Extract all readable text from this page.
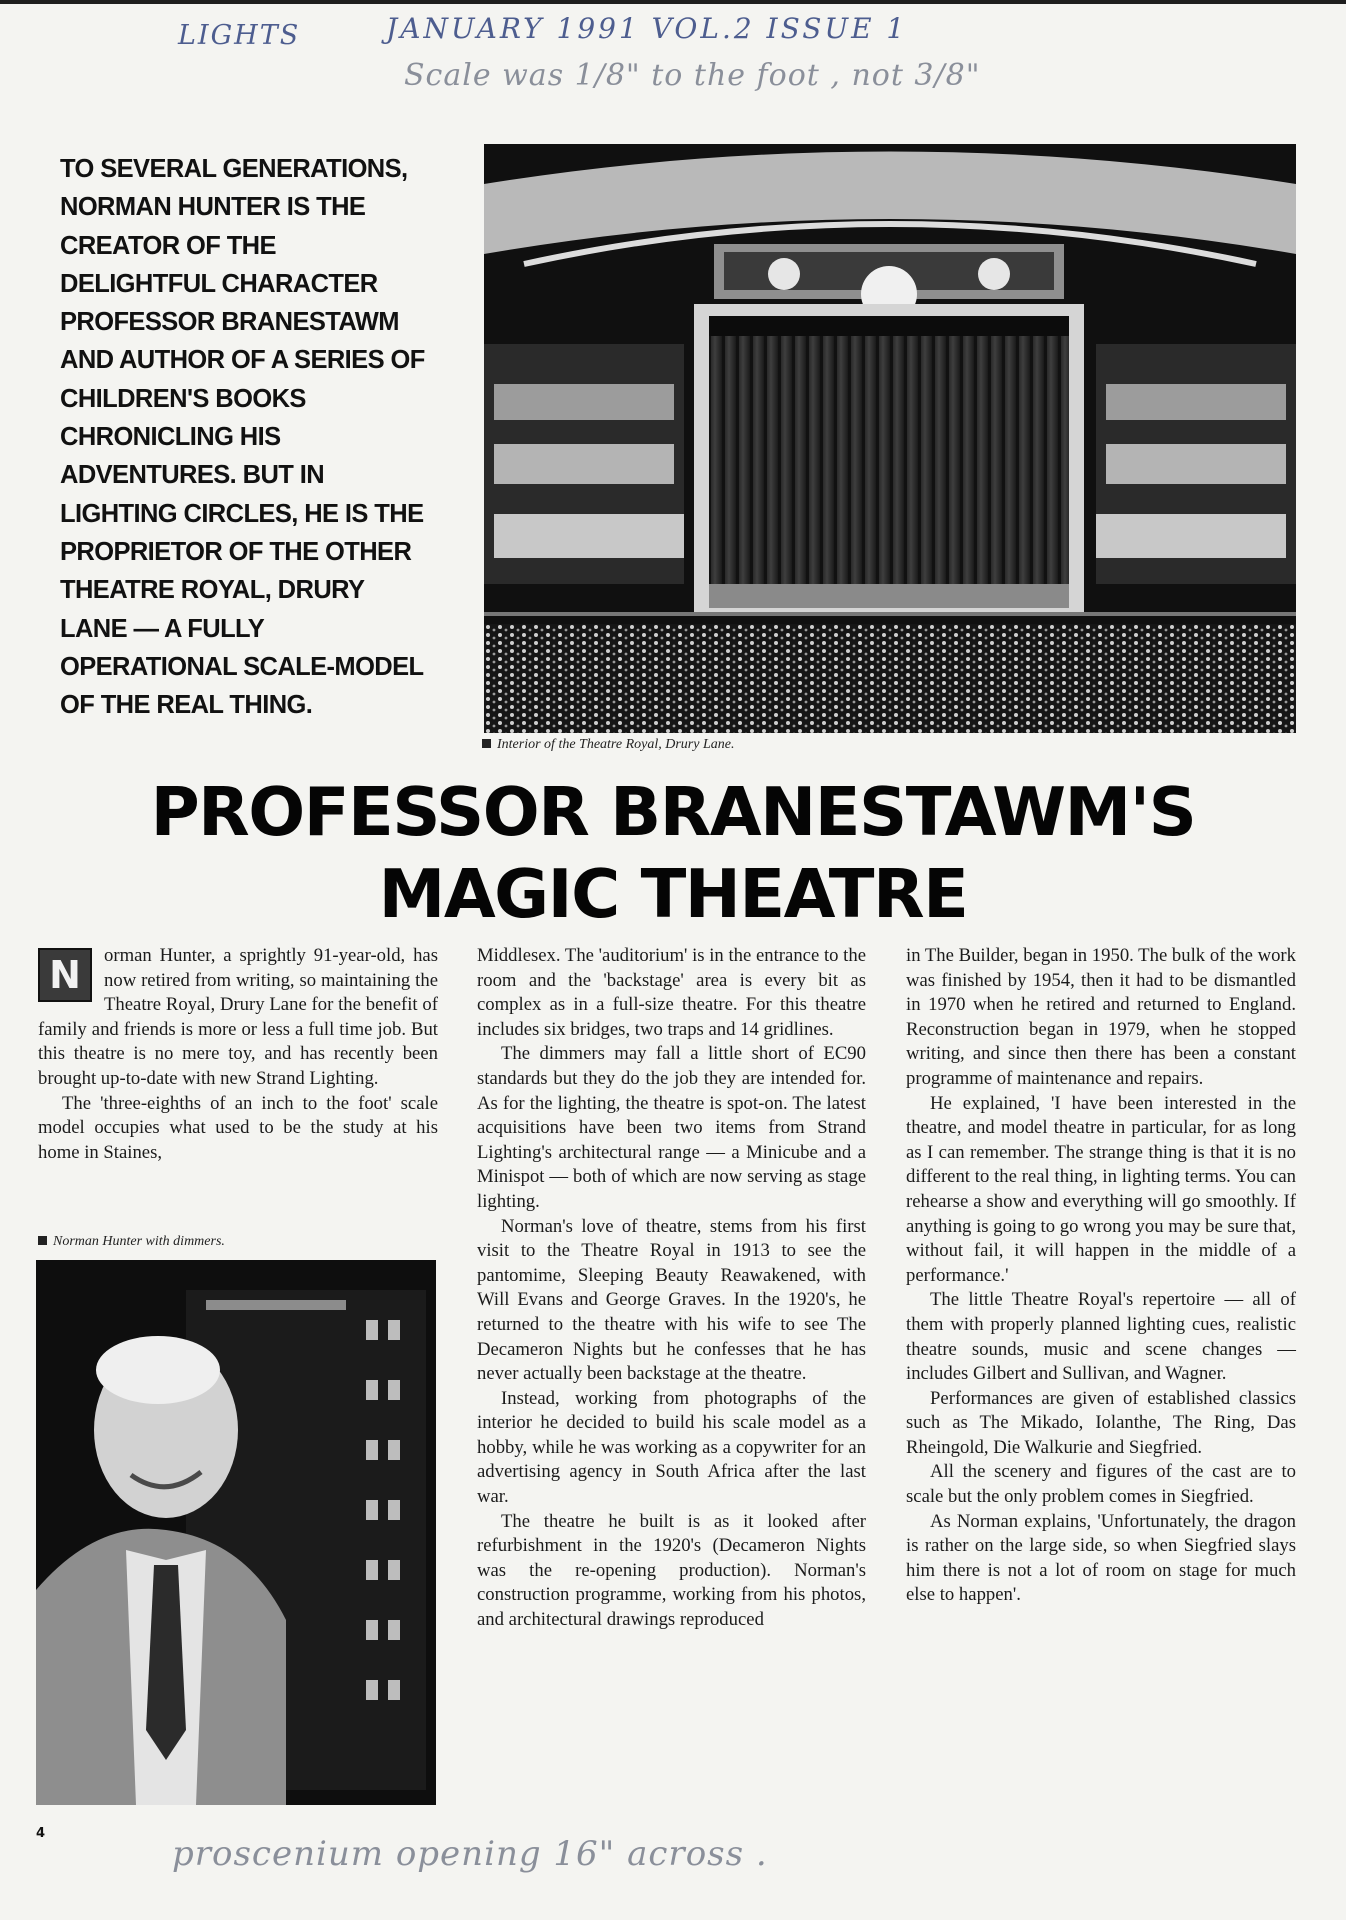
LIGHTS	JANUARY 1991 VOL.2 ISSUE 1
Scale was 1/8" to the foot , not 3/8"

TO SEVERAL GENERATIONS, NORMAN HUNTER IS THE CREATOR OF THE DELIGHTFUL CHARACTER PROFESSOR BRANESTAWM AND AUTHOR OF A SERIES OF CHILDREN'S BOOKS CHRONICLING HIS ADVENTURES. BUT IN LIGHTING CIRCLES, HE IS THE PROPRIETOR OF THE OTHER THEATRE ROYAL, DRURY LANE — A FULLY OPERATIONAL SCALE-MODEL OF THE REAL THING.

Interior of the Theatre Royal, Drury Lane.
PROFESSOR BRANESTAWM'S
MAGIC THEATRE
N	orman Hunter, a sprightly 91-year-old, has now retired from writing, so maintaining the Theatre Royal, Drury Lane for the benefit of family and friends is more or less a full time job. But this theatre is no mere toy, and has recently been brought up-to-date with new Strand Lighting.

The 'three-eighths of an inch to the foot' scale model occupies what used to be the study at his home in Staines,

Norman Hunter with dimmers.

Middlesex. The 'auditorium' is in the entrance to the room and the 'backstage' area is every bit as complex as in a full-size theatre. For this theatre includes six bridges, two traps and 14 gridlines.

The dimmers may fall a little short of EC90 standards but they do the job they are intended for. As for the lighting, the theatre is spot-on. The latest acquisitions have been two items from Strand Lighting's architectural range — a Minicube and a Minispot — both of which are now serving as stage lighting.

Norman's love of theatre, stems from his first visit to the Theatre Royal in 1913 to see the pantomime, Sleeping Beauty Reawakened, with Will Evans and George Graves. In the 1920's, he returned to the theatre with his wife to see The Decameron Nights but he confesses that he has never actually been backstage at the theatre.

Instead, working from photographs of the interior he decided to build his scale model as a hobby, while he was working as a copywriter for an advertising agency in South Africa after the last war.

The theatre he built is as it looked after refurbishment in the 1920's (Decameron Nights was the re-opening production). Norman's construction programme, working from his photos, and architectural drawings reproduced

in The Builder, began in 1950. The bulk of the work was finished by 1954, then it had to be dismantled in 1970 when he retired and returned to England. Reconstruction began in 1979, when he stopped writing, and since then there has been a constant programme of maintenance and repairs.

He explained, 'I have been interested in the theatre, and model theatre in particular, for as long as I can remember. The strange thing is that it is no different to the real thing, in lighting terms. You can rehearse a show and everything will go smoothly. If anything is going to go wrong you may be sure that, without fail, it will happen in the middle of a performance.'

The little Theatre Royal's repertoire — all of them with properly planned lighting cues, realistic theatre sounds, music and scene changes — includes Gilbert and Sullivan, and Wagner.

Performances are given of established classics such as The Mikado, Iolanthe, The Ring, Das Rheingold, Die Walkurie and Siegfried.

All the scenery and figures of the cast are to scale but the only problem comes in Siegfried.

As Norman explains, 'Unfortunately, the dragon is rather on the large side, so when Siegfried slays him there is not a lot of room on stage for much else to happen'.

4
proscenium opening 16" across .
